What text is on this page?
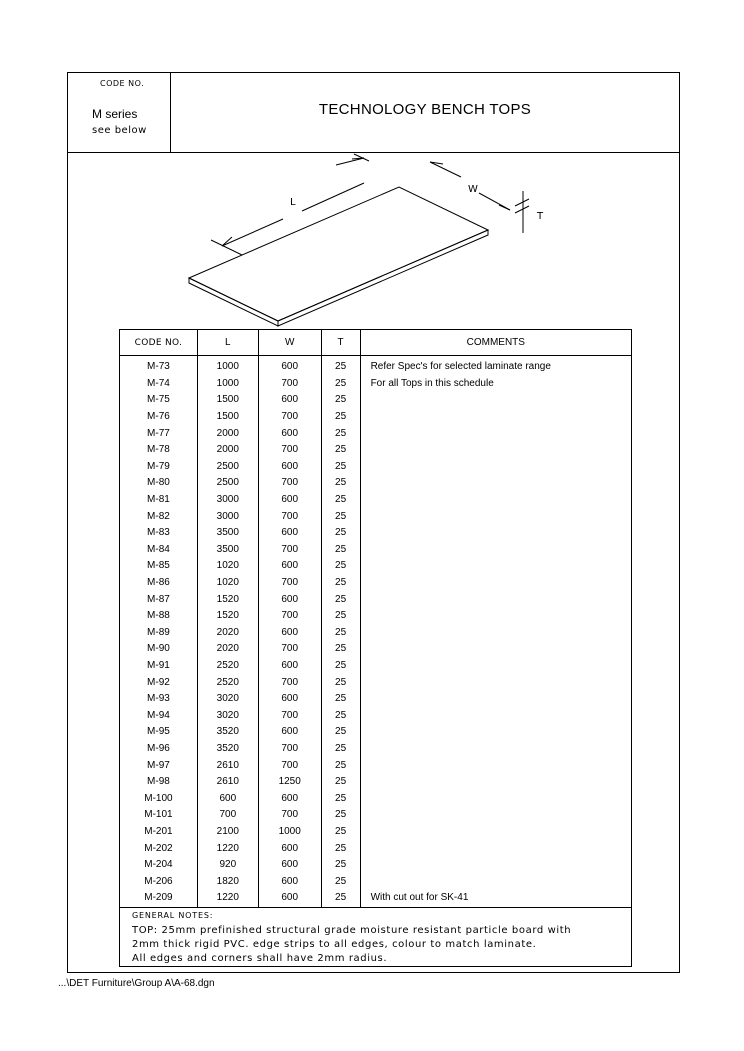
CODE NO.
M series
see below
TECHNOLOGY BENCH TOPS
L
W
T
CODE NO.	L	W	T	COMMENTS
M-73	1000	600	25	Refer Spec's for selected laminate range
M-74	1000	700	25	For all Tops in this schedule
M-75	1500	600	25	
M-76	1500	700	25	
M-77	2000	600	25	
M-78	2000	700	25	
M-79	2500	600	25	
M-80	2500	700	25	
M-81	3000	600	25	
M-82	3000	700	25	
M-83	3500	600	25	
M-84	3500	700	25	
M-85	1020	600	25	
M-86	1020	700	25	
M-87	1520	600	25	
M-88	1520	700	25	
M-89	2020	600	25	
M-90	2020	700	25	
M-91	2520	600	25	
M-92	2520	700	25	
M-93	3020	600	25	
M-94	3020	700	25	
M-95	3520	600	25	
M-96	3520	700	25	
M-97	2610	700	25	
M-98	2610	1250	25	
M-100	600	600	25	
M-101	700	700	25	
M-201	2100	1000	25	
M-202	1220	600	25	
M-204	920	600	25	
M-206	1820	600	25	
M-209	1220	600	25	With cut out for SK-41
GENERAL NOTES:
TOP: 25mm prefinished structural grade moisture resistant particle board with
2mm thick rigid PVC. edge strips to all edges, colour to match laminate.
All edges and corners shall have 2mm radius.
...\DET Furniture\Group A\A-68.dgn
